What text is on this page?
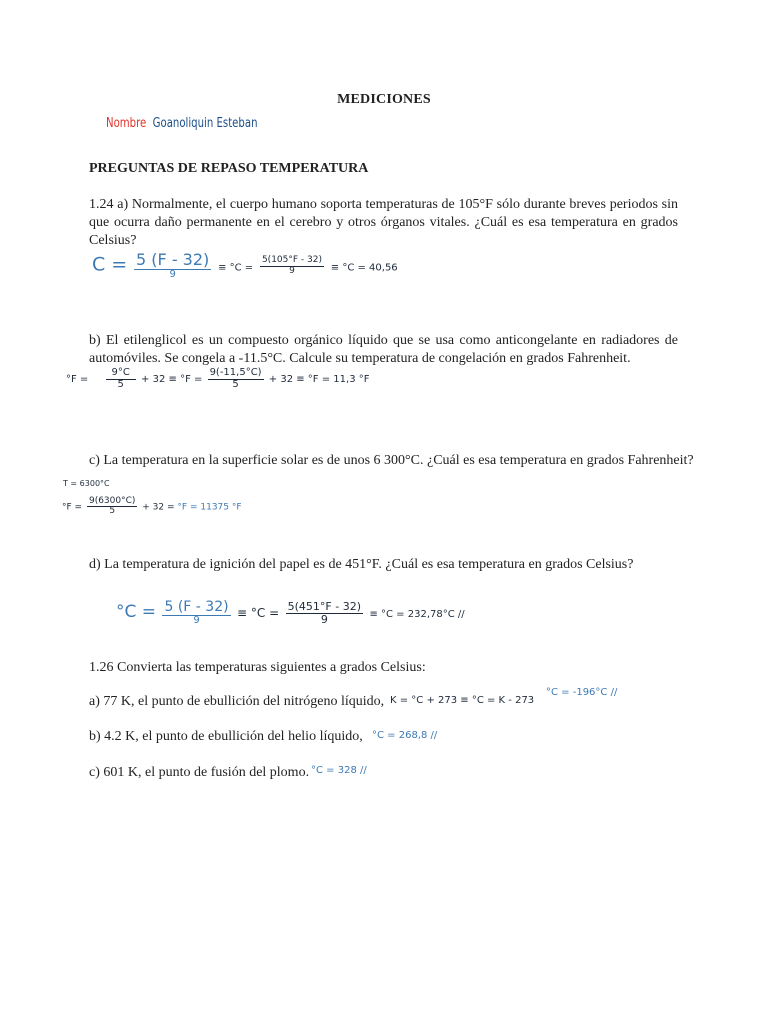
MEDICIONES
Nombre Goanoliquin Esteban
PREGUNTAS DE REPASO TEMPERATURA
1.24 a) Normalmente, el cuerpo humano soporta temperaturas de 105°F sólo durante breves periodos sin que ocurra daño permanente en el cerebro y otros órganos vitales. ¿Cuál es esa temperatura en grados Celsius?
$C = \frac{5 (F - 32)}{9} \equiv ^\circ C = \frac{5(105^\circ F - 32)}{9} \equiv ^\circ C = 40,56$
b) El etilenglicol es un compuesto orgánico líquido que se usa como anticongelante en radiadores de automóviles. Se congela a -11.5°C. Calcule su temperatura de congelación en grados Fahrenheit.
$^\circ F = \frac{9^\circ C}{5} + 32 \equiv ^\circ F = \frac{9(-11,5^\circ C)}{5} + 32 \equiv ^\circ F = 11,3$ °F
c) La temperatura en la superficie solar es de unos 6 300°C. ¿Cuál es esa temperatura en grados Fahrenheit?
T = 6300°C
$^\circ F = \frac{9(6300^\circ C)}{5} + 32 = ^\circ F = 11375$ °F
d) La temperatura de ignición del papel es de 451°F. ¿Cuál es esa temperatura en grados Celsius?
$^\circ C = \frac{5 (F - 32)}{9} \equiv ^\circ C = \frac{5(451^\circ F - 32)}{9} \equiv ^\circ C = 232,78^\circ C$ //
1.26 Convierta las temperaturas siguientes a grados Celsius:
a) 77 K, el punto de ebullición del nitrógeno líquido, K = °C + 273 ≡ °C = K - 273
°C = -196°C //
b) 4.2 K, el punto de ebullición del helio líquido, °C = 268,8 //
c) 601 K, el punto de fusión del plomo. °C = 328 //
